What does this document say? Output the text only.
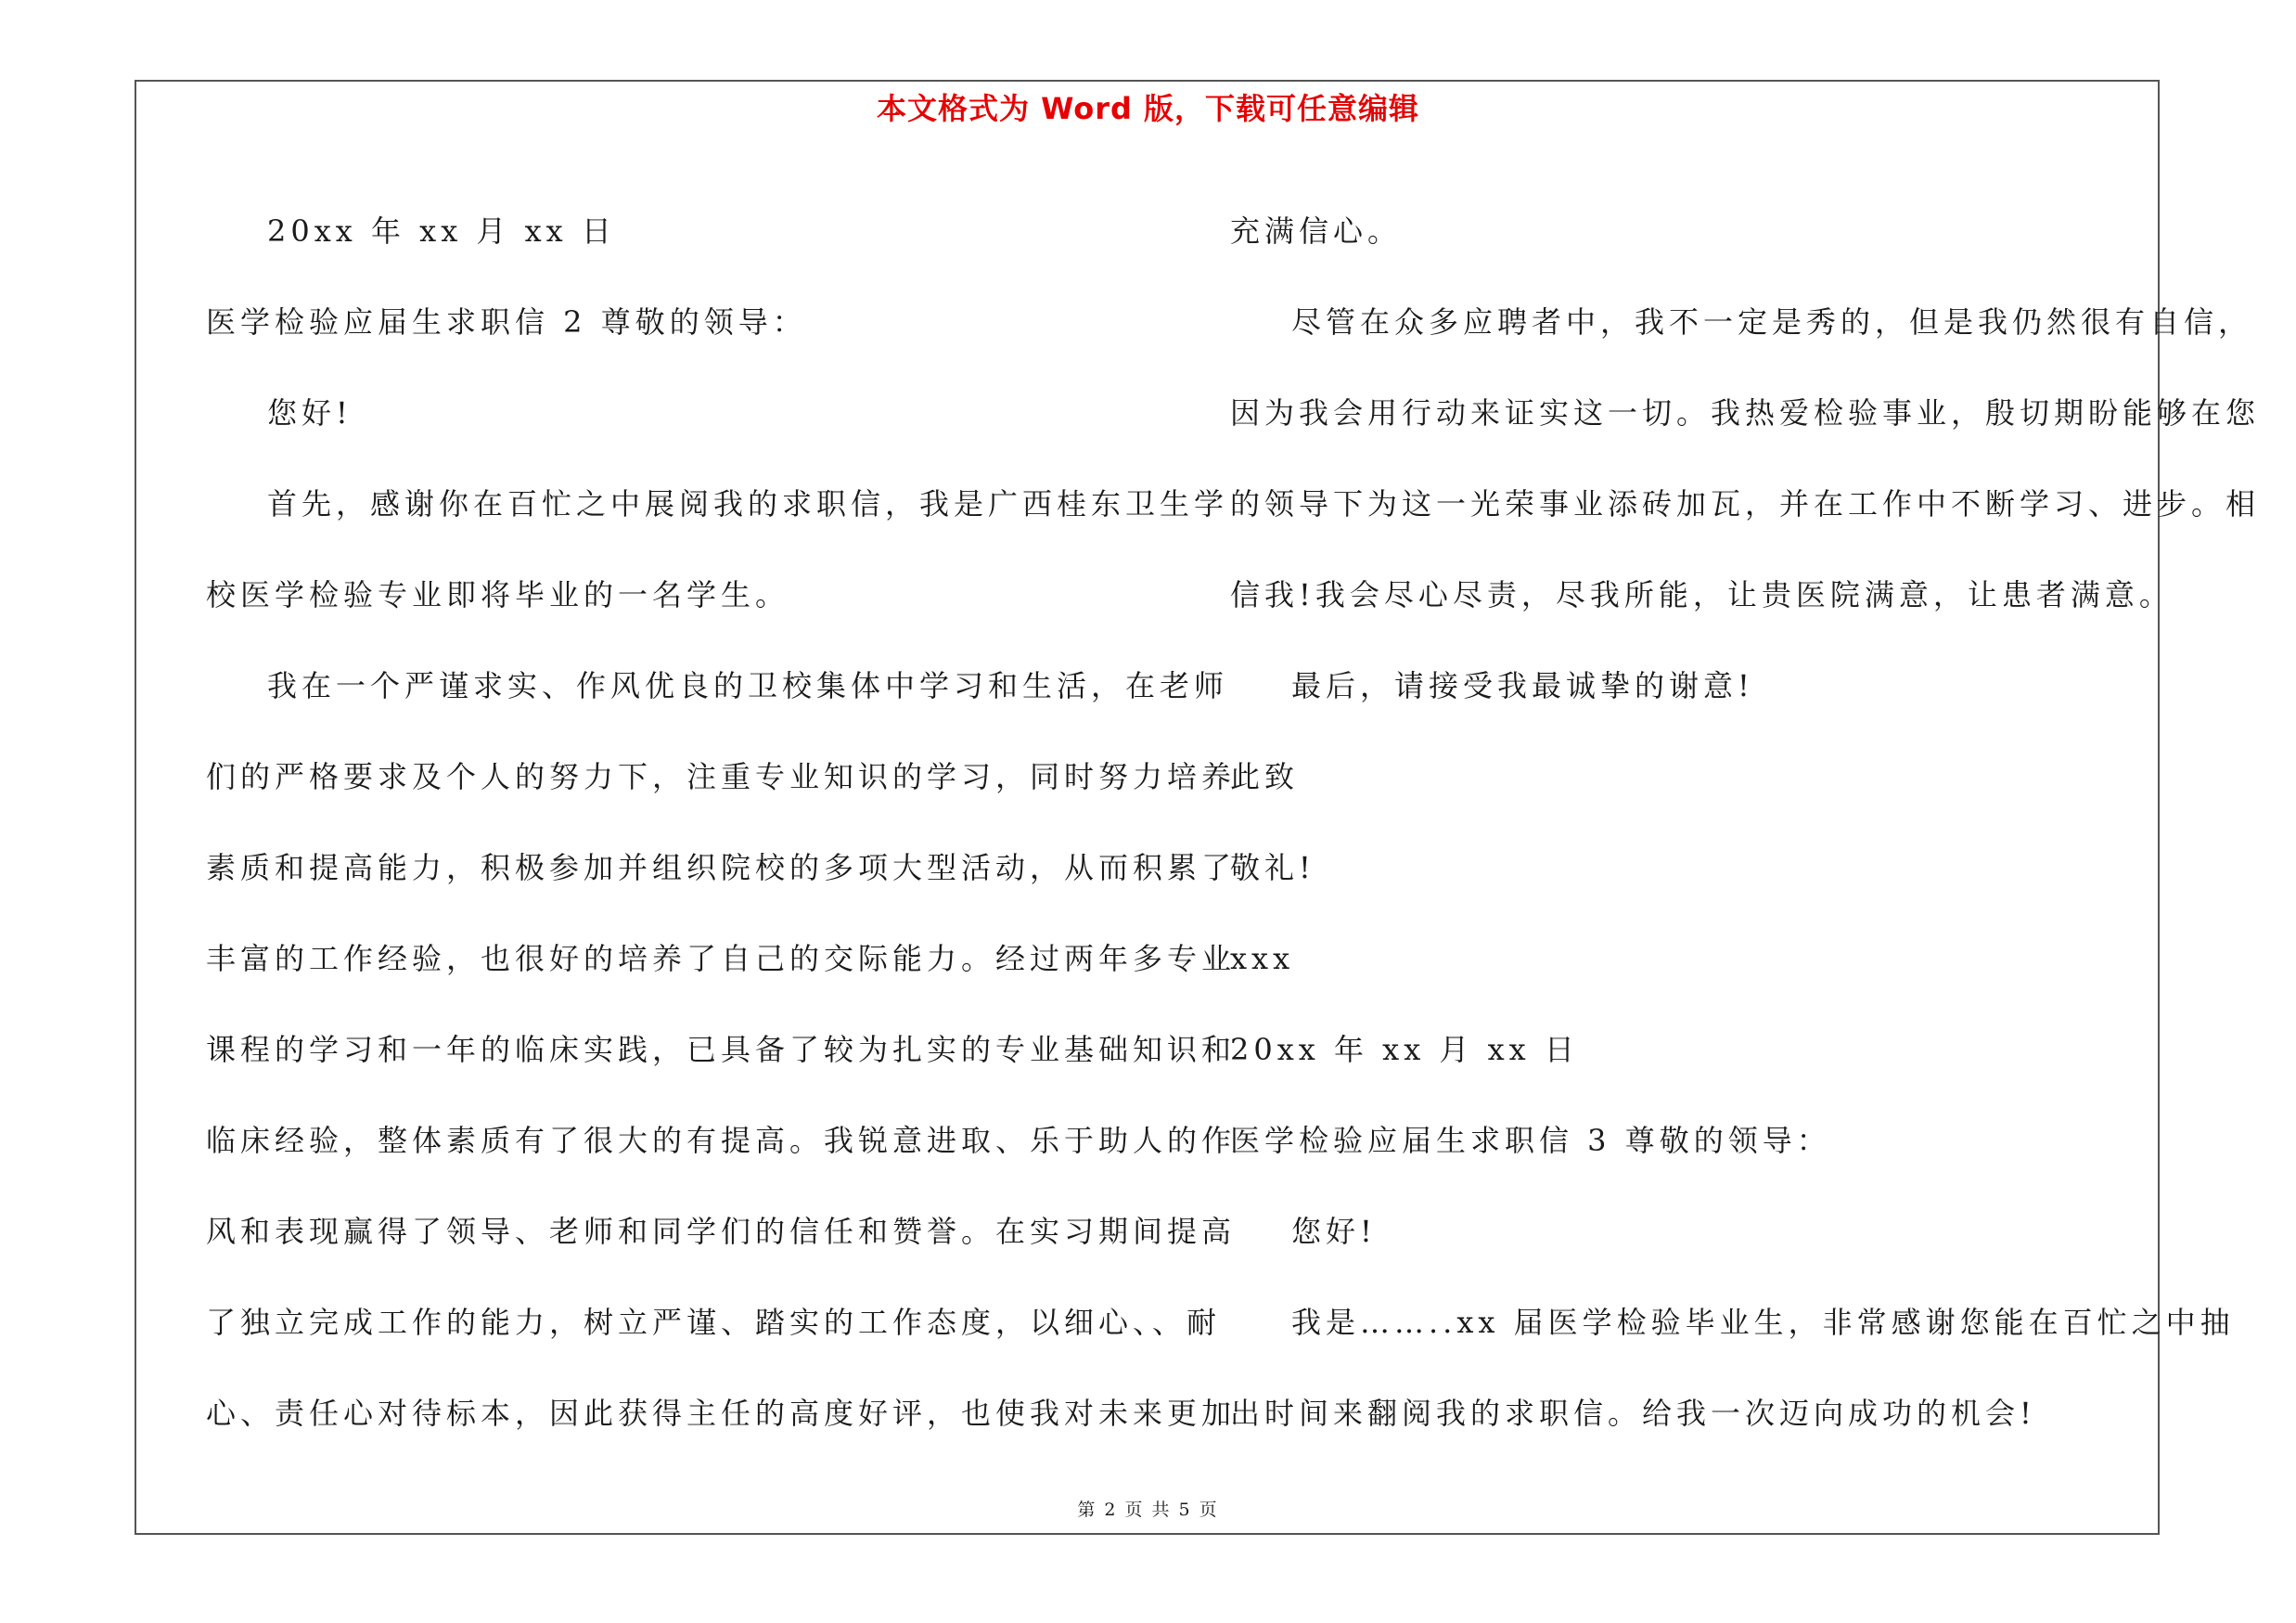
本文格式为 Word 版，下载可任意编辑

20xx 年 xx 月 xx 日

医学检验应届生求职信 2 尊敬的领导：

您好!

首先，感谢你在百忙之中展阅我的求职信，我是广西桂东卫生学

校医学检验专业即将毕业的一名学生。

我在一个严谨求实、作风优良的卫校集体中学习和生活，在老师

们的严格要求及个人的努力下，注重专业知识的学习，同时努力培养

素质和提高能力，积极参加并组织院校的多项大型活动，从而积累了

丰富的工作经验，也很好的培养了自己的交际能力。经过两年多专业

课程的学习和一年的临床实践，已具备了较为扎实的专业基础知识和

临床经验，整体素质有了很大的有提高。我锐意进取、乐于助人的作

风和表现赢得了领导、老师和同学们的信任和赞誉。在实习期间提高

了独立完成工作的能力，树立严谨、踏实的工作态度，以细心、、耐

心、责任心对待标本，因此获得主任的高度好评，也使我对未来更加

充满信心。

尽管在众多应聘者中，我不一定是秀的，但是我仍然很有自信，

因为我会用行动来证实这一切。我热爱检验事业，殷切期盼能够在您

的领导下为这一光荣事业添砖加瓦，并在工作中不断学习、进步。相

信我!我会尽心尽责，尽我所能，让贵医院满意，让患者满意。

最后，请接受我最诚挚的谢意!

此致

敬礼!

xxx

20xx 年 xx 月 xx 日

医学检验应届生求职信 3 尊敬的领导：

您好!

我是……..xx 届医学检验毕业生，非常感谢您能在百忙之中抽

出时间来翻阅我的求职信。给我一次迈向成功的机会!

第 2 页 共 5 页
